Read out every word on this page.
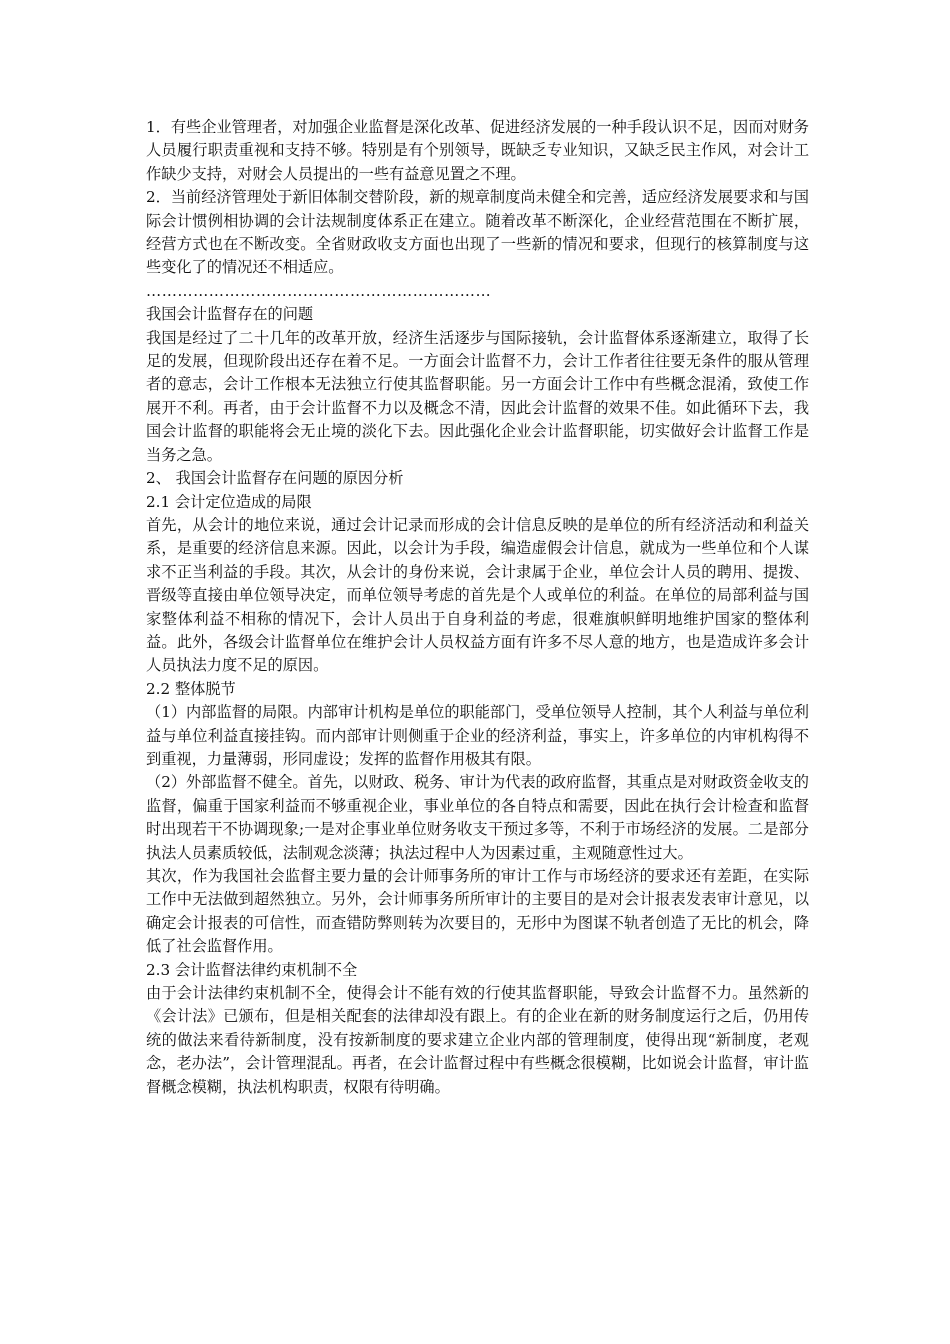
1．有些企业管理者，对加强企业监督是深化改革、促进经济发展的一种手段认识不足，因而对财务人员履行职责重视和支持不够。特别是有个别领导，既缺乏专业知识，又缺乏民主作风，对会计工作缺少支持，对财会人员提出的一些有益意见置之不理。

2．当前经济管理处于新旧体制交替阶段，新的规章制度尚未健全和完善，适应经济发展要求和与国际会计惯例相协调的会计法规制度体系正在建立。随着改革不断深化，企业经营范围在不断扩展，经营方式也在不断改变。全省财政收支方面也出现了一些新的情况和要求，但现行的核算制度与这些变化了的情况还不相适应。

…………………………………………………………

我国会计监督存在的问题

我国是经过了二十几年的改革开放，经济生活逐步与国际接轨，会计监督体系逐渐建立，取得了长足的发展，但现阶段出还存在着不足。一方面会计监督不力，会计工作者往往要无条件的服从管理者的意志，会计工作根本无法独立行使其监督职能。另一方面会计工作中有些概念混淆，致使工作展开不利。再者，由于会计监督不力以及概念不清，因此会计监督的效果不佳。如此循环下去，我国会计监督的职能将会无止境的淡化下去。因此强化企业会计监督职能，切实做好会计监督工作是当务之急。

2、 我国会计监督存在问题的原因分析

2.1 会计定位造成的局限

首先，从会计的地位来说，通过会计记录而形成的会计信息反映的是单位的所有经济活动和利益关系，是重要的经济信息来源。因此，以会计为手段，编造虚假会计信息，就成为一些单位和个人谋求不正当利益的手段。其次，从会计的身份来说，会计隶属于企业，单位会计人员的聘用、提拨、晋级等直接由单位领导决定，而单位领导考虑的首先是个人或单位的利益。在单位的局部利益与国家整体利益不相称的情况下，会计人员出于自身利益的考虑，很难旗帜鲜明地维护国家的整体利益。此外，各级会计监督单位在维护会计人员权益方面有许多不尽人意的地方，也是造成许多会计人员执法力度不足的原因。

2.2 整体脱节

（1）内部监督的局限。内部审计机构是单位的职能部门，受单位领导人控制，其个人利益与单位利益与单位利益直接挂钩。而内部审计则侧重于企业的经济利益，事实上，许多单位的内审机构得不到重视，力量薄弱，形同虚设；发挥的监督作用极其有限。

（2）外部监督不健全。首先，以财政、税务、审计为代表的政府监督，其重点是对财政资金收支的监督，偏重于国家利益而不够重视企业，事业单位的各自特点和需要，因此在执行会计检查和监督时出现若干不协调现象;一是对企事业单位财务收支干预过多等，不利于市场经济的发展。二是部分执法人员素质较低，法制观念淡薄；执法过程中人为因素过重，主观随意性过大。

其次，作为我国社会监督主要力量的会计师事务所的审计工作与市场经济的要求还有差距，在实际工作中无法做到超然独立。另外，会计师事务所所审计的主要目的是对会计报表发表审计意见，以确定会计报表的可信性，而查错防弊则转为次要目的，无形中为图谋不轨者创造了无比的机会，降低了社会监督作用。

2.3 会计监督法律约束机制不全

由于会计法律约束机制不全，使得会计不能有效的行使其监督职能，导致会计监督不力。虽然新的《会计法》已颁布，但是相关配套的法律却没有跟上。有的企业在新的财务制度运行之后，仍用传统的做法来看待新制度，没有按新制度的要求建立企业内部的管理制度，使得出现“新制度，老观念，老办法”，会计管理混乱。再者，在会计监督过程中有些概念很模糊，比如说会计监督，审计监督概念模糊，执法机构职责，权限有待明确。
